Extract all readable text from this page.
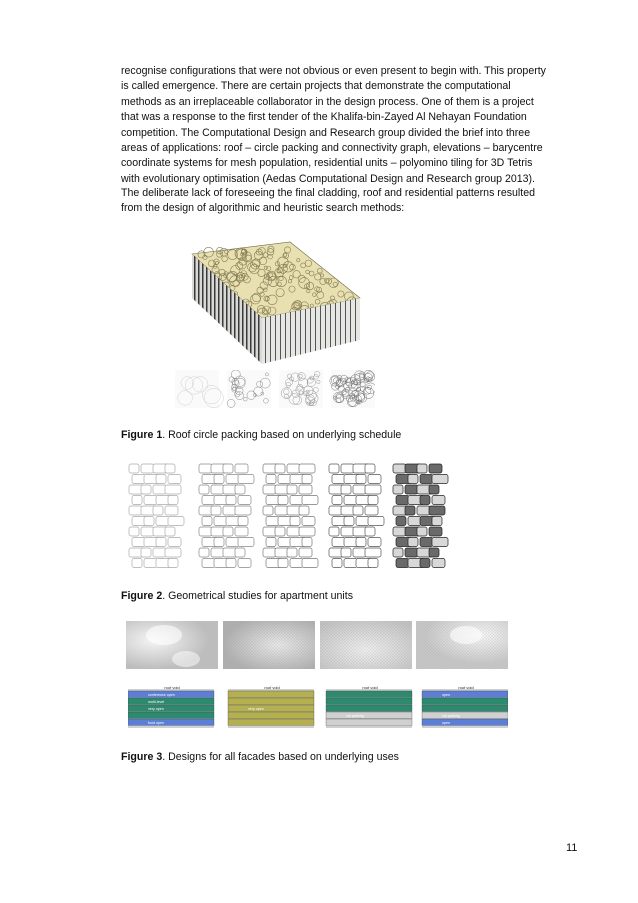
recognise configurations that were not obvious or even present to begin with. This property is called emergence. There are certain projects that demonstrate the computational methods as an irreplaceable collaborator in the design process. One of them is a project that was a response to the first tender of the Khalifa-bin-Zayed Al Nehayan Foundation competition. The Computational Design and Research group divided the brief into three areas of applications: roof – circle packing and connectivity graph, elevations – barycentre coordinate systems for mesh population, residential units – polyomino tiling for 3D Tetris with evolutionary optimisation (Aedas Computational Design and Research group 2013).

The deliberate lack of foreseeing the final cladding, roof and residential patterns resulted from the design of algorithmic and heuristic search methods:

Figure 1. Roof circle packing based on underlying schedule

Figure 2. Geometrical studies for apartment units

roof void
conference open
multi-level
very open
food open
roof void
very open
roof void
car parking
roof void
open
car parking
open

Figure 3. Designs for all facades based on underlying uses

11
